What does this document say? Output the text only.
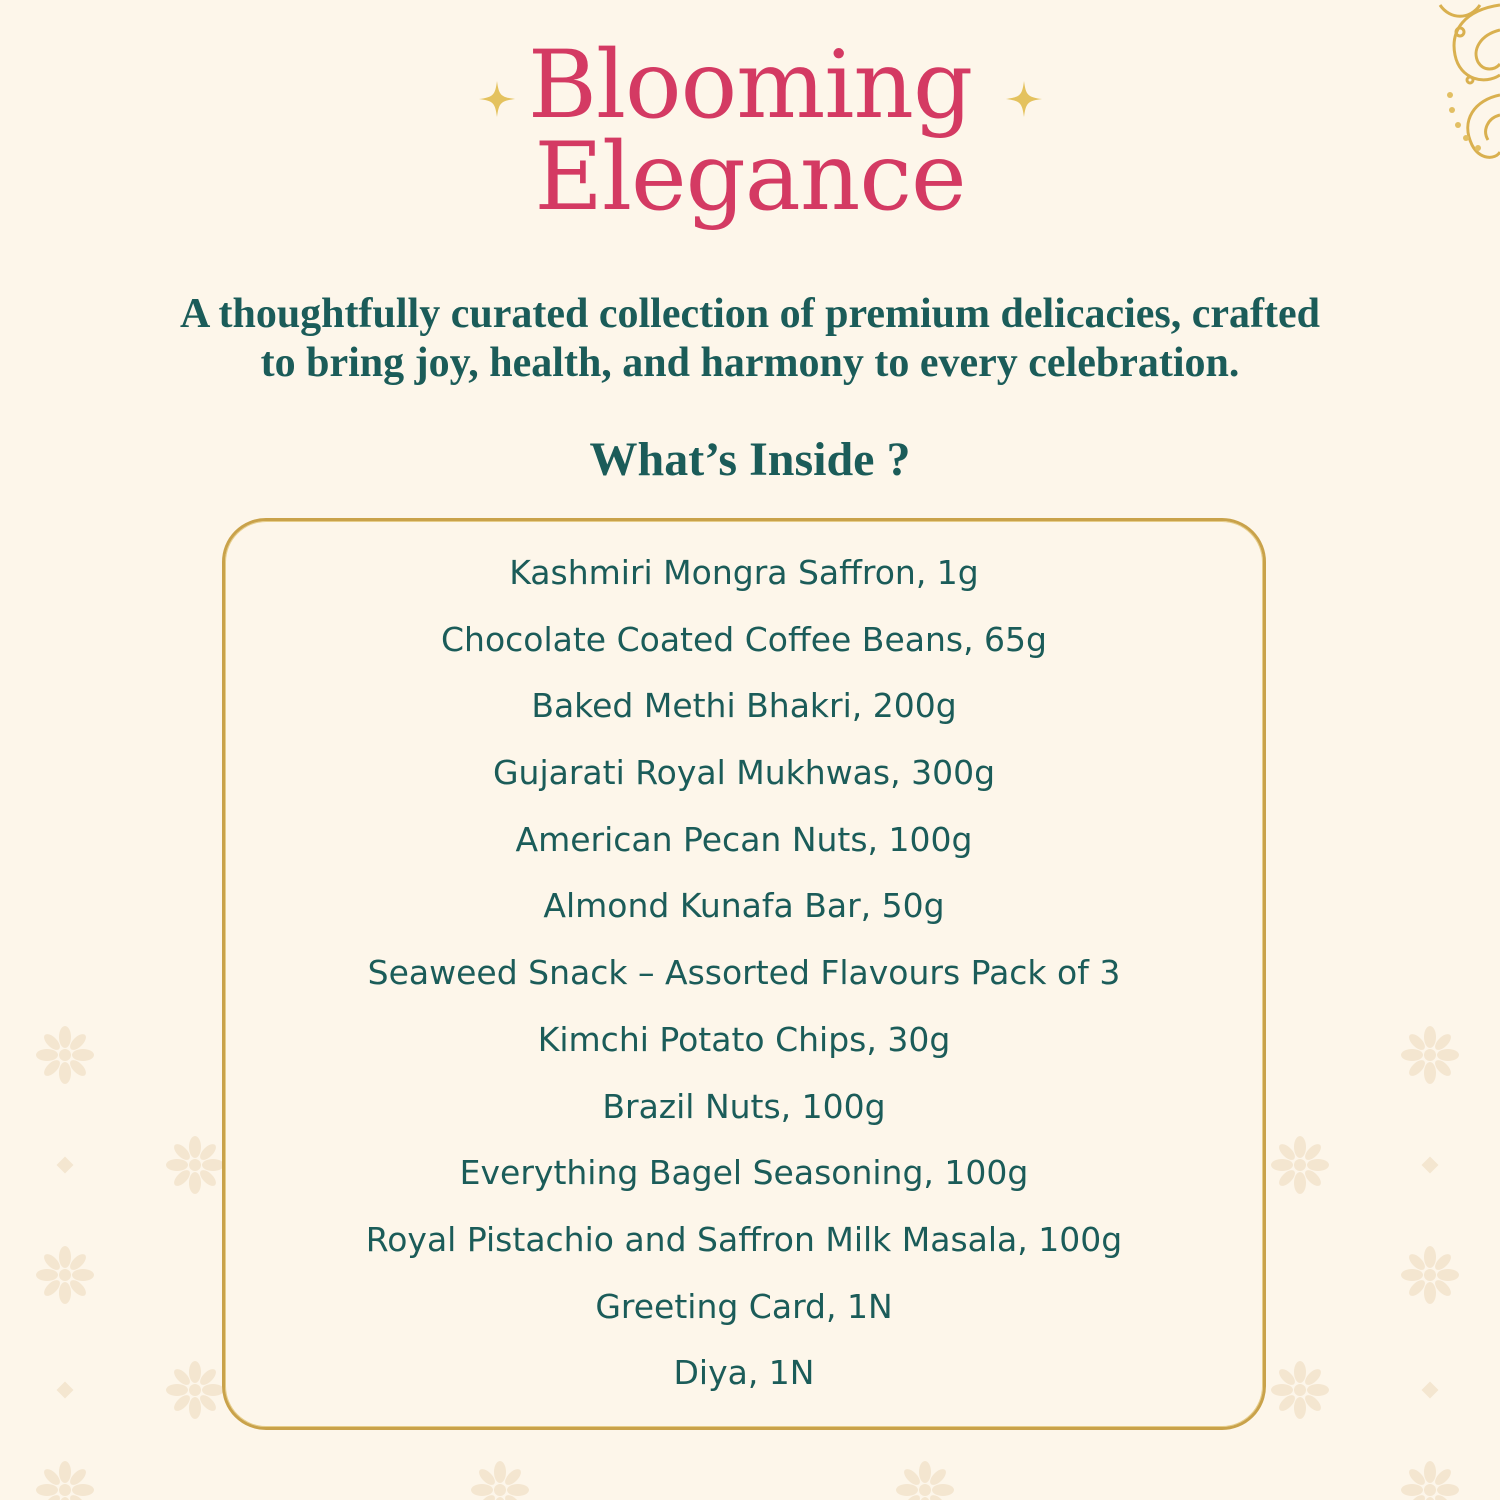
Blooming
Elegance
A thoughtfully curated collection of premium delicacies, crafted
to bring joy, health, and harmony to every celebration.
What’s Inside ?
Kashmiri Mongra Saffron, 1g
Chocolate Coated Coffee Beans, 65g
Baked Methi Bhakri, 200g
Gujarati Royal Mukhwas, 300g
American Pecan Nuts, 100g
Almond Kunafa Bar, 50g
Seaweed Snack – Assorted Flavours Pack of 3
Kimchi Potato Chips, 30g
Brazil Nuts, 100g
Everything Bagel Seasoning, 100g
Royal Pistachio and Saffron Milk Masala, 100g
Greeting Card, 1N
Diya, 1N
